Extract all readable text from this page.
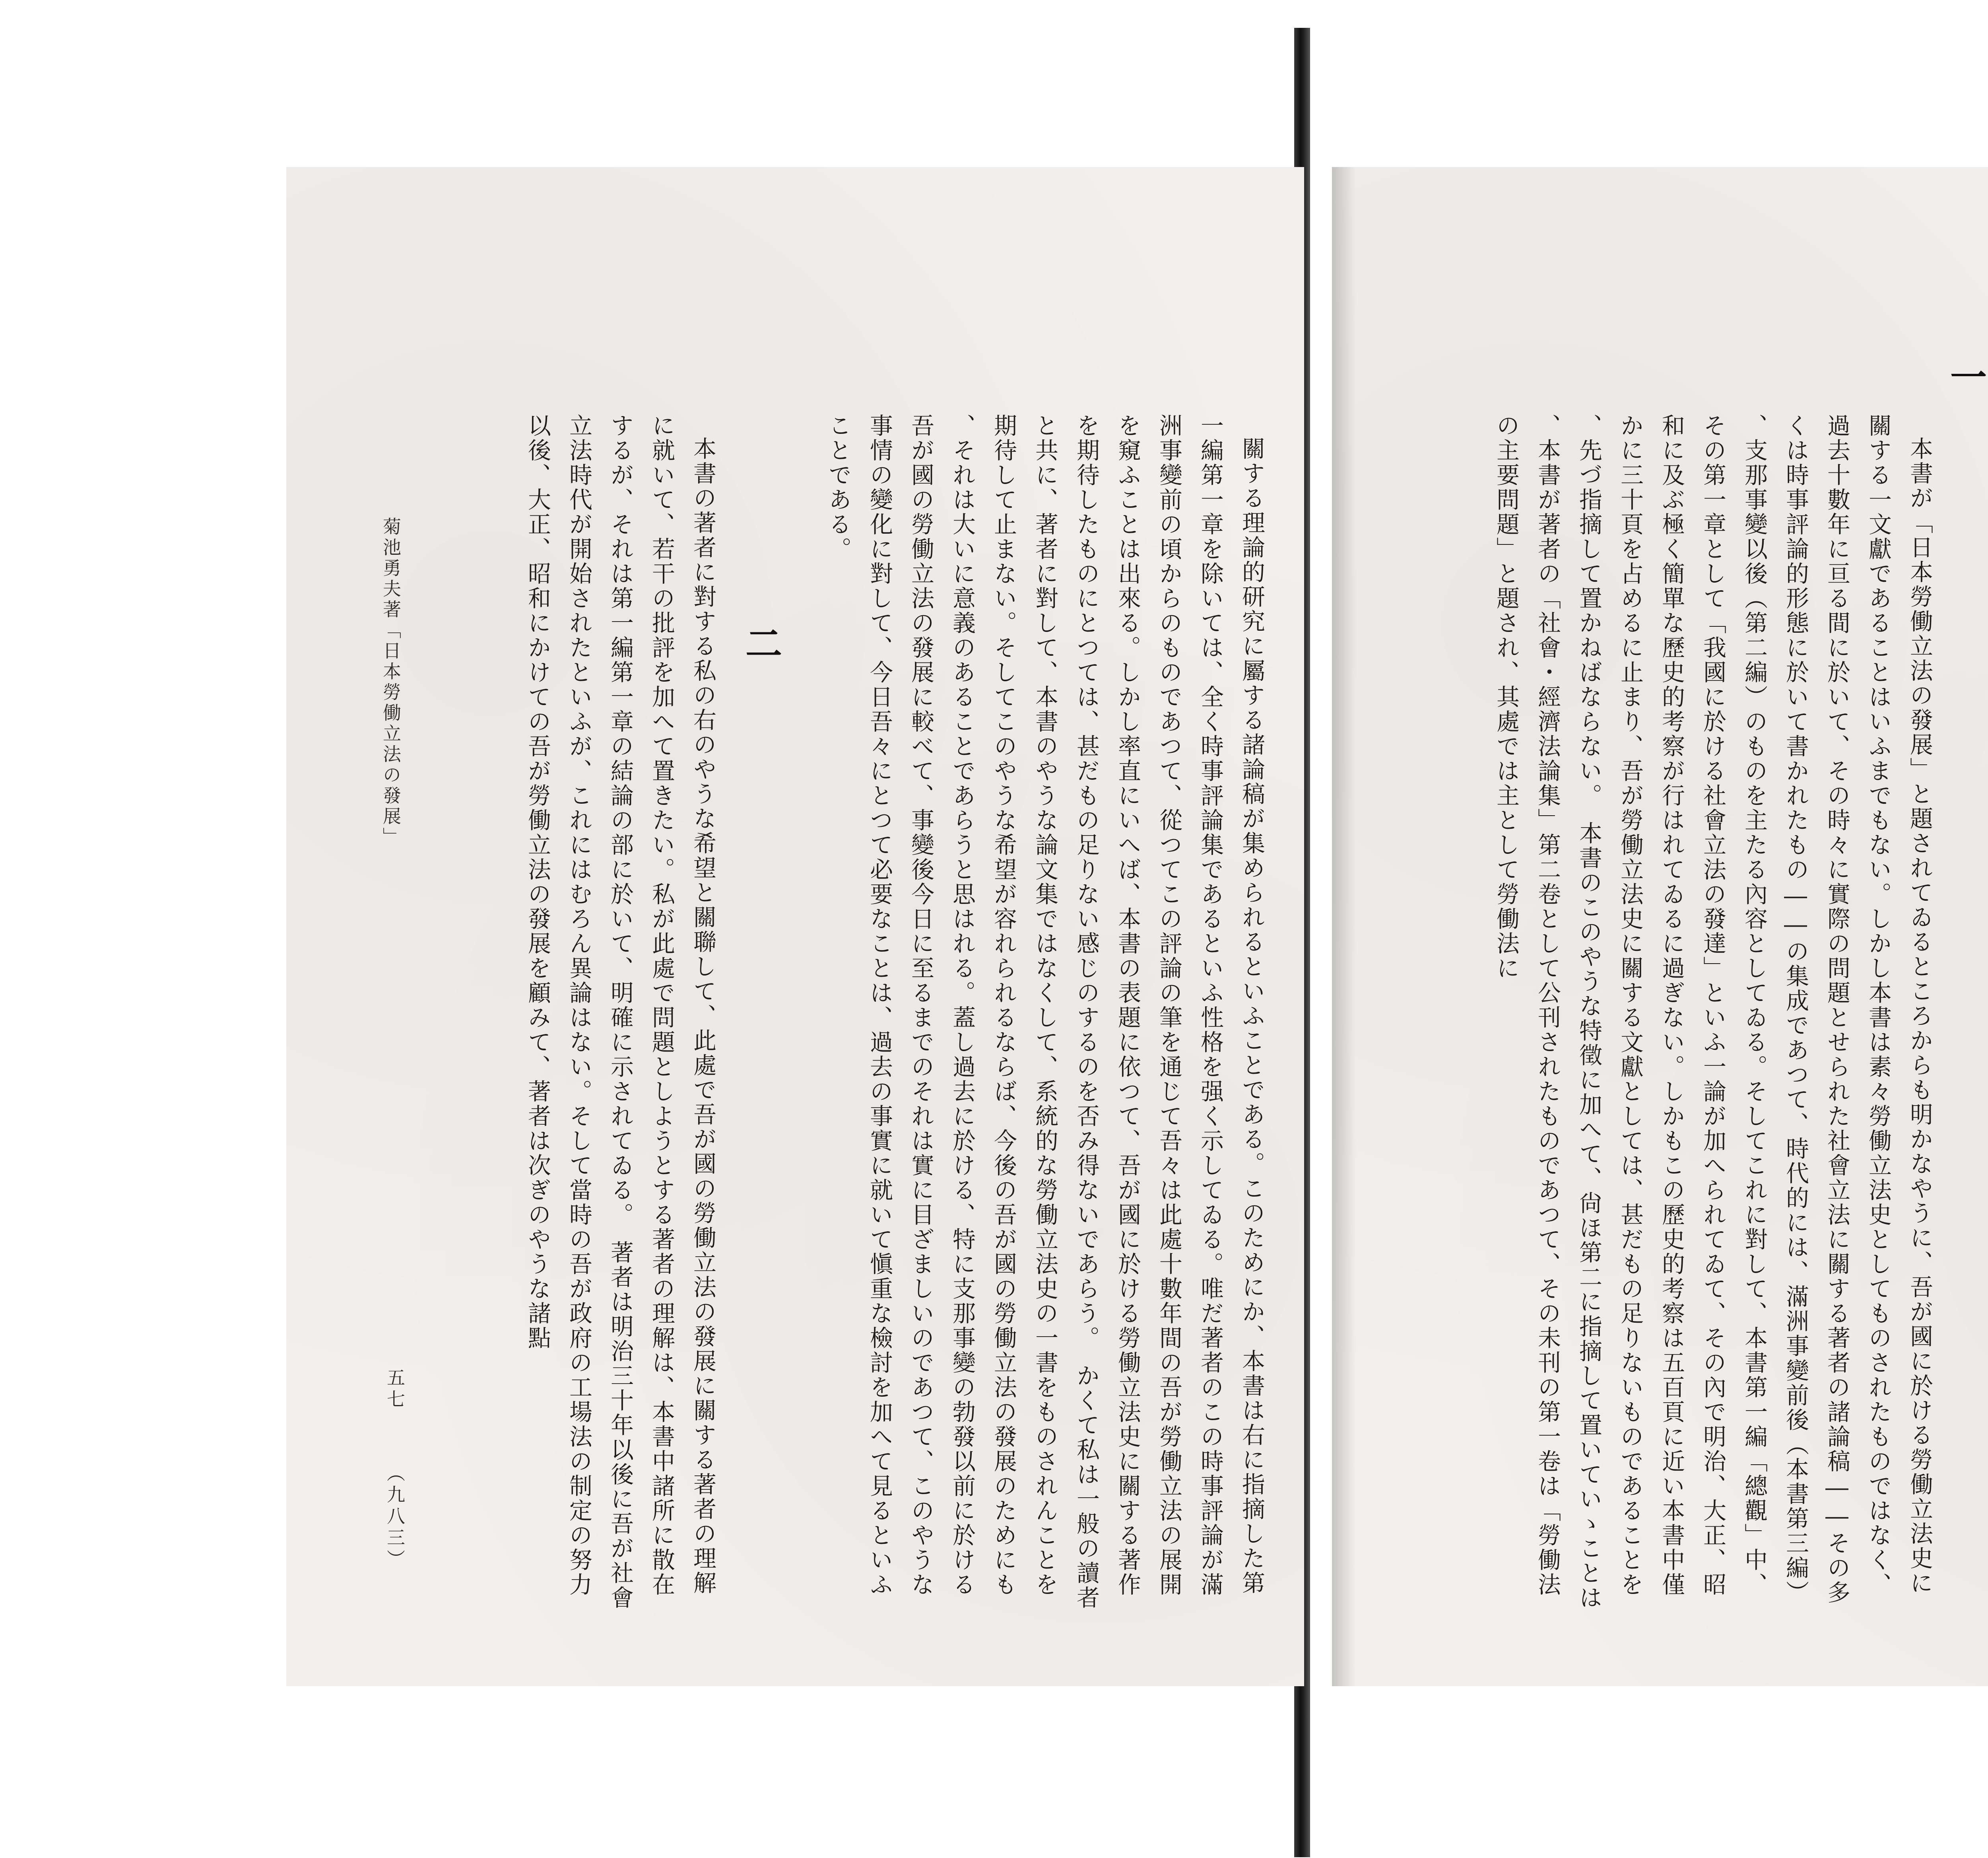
一

本書が「日本勞働立法の發展」と題されてゐるところからも明かなやうに、吾が國に於ける勞働立法史に關する一文獻であることはいふまでもない。しかし本書は素々勞働立法史としてものされたものではなく、過去十數年に亘る間に於いて、その時々に實際の問題とせられた社會立法に關する著者の諸論稿――その多くは時事評論的形態に於いて書かれたもの――の集成であつて、時代的には、滿洲事變前後（本書第三編）、支那事變以後（第二編）のものを主たる內容としてゐる。そしてこれに對して、本書第一編「總觀」中、その第一章として「我國に於ける社會立法の發達」といふ一論が加へられてゐて、その內で明治、大正、昭和に及ぶ極く簡單な歷史的考察が行はれてゐるに過ぎない。しかもこの歷史的考察は五百頁に近い本書中僅かに三十頁を占めるに止まり、吾が勞働立法史に關する文獻としては、甚だもの足りないものであることを、先づ指摘して置かねばならない。　本書のこのやうな特徵に加へて、尙ほ第二に指摘して置いていゝことは、本書が著者の「社會・經濟法論集」第二卷として公刊されたものであつて、その未刊の第一卷は「勞働法の主要問題」と題され、其處では主として勞働法に

關する理論的研究に屬する諸論稿が集められるといふことである。このためにか、本書は右に指摘した第一編第一章を除いては、全く時事評論集であるといふ性格を强く示してゐる。唯だ著者のこの時事評論が滿洲事變前の頃からのものであつて、從つてこの評論の筆を通じて吾々は此處十數年間の吾が勞働立法の展開を窺ふことは出來る。しかし率直にいへば、本書の表題に依つて、吾が國に於ける勞働立法史に關する著作を期待したものにとつては、甚だもの足りない感じのするのを否み得ないであらう。　かくて私は一般の讀者と共に、著者に對して、本書のやうな論文集ではなくして、系統的な勞働立法史の一書をものされんことを期待して止まない。そしてこのやうな希望が容れられるならば、今後の吾が國の勞働立法の發展のためにも、それは大いに意義のあることであらうと思はれる。蓋し過去に於ける、特に支那事變の勃發以前に於ける吾が國の勞働立法の發展に較べて、事變後今日に至るまでのそれは實に目ざましいのであつて、このやうな事情の變化に對して、今日吾々にとつて必要なことは、過去の事實に就いて愼重な檢討を加へて見るといふことである。

二

本書の著者に對する私の右のやうな希望と關聯して、此處で吾が國の勞働立法の發展に關する著者の理解に就いて、若干の批評を加へて置きたい。私が此處で問題としようとする著者の理解は、本書中諸所に散在するが、それは第一編第一章の結論の部に於いて、明確に示されてゐる。　著者は明治三十年以後に吾が社會立法時代が開始されたといふが、これにはむろん異論はない。そして當時の吾が政府の工場法の制定の努力以後、大正、昭和にかけての吾が勞働立法の發展を顧みて、著者は次ぎのやうな諸點

菊池勇夫著「日本勞働立法の發展」
五七
（九八三）
